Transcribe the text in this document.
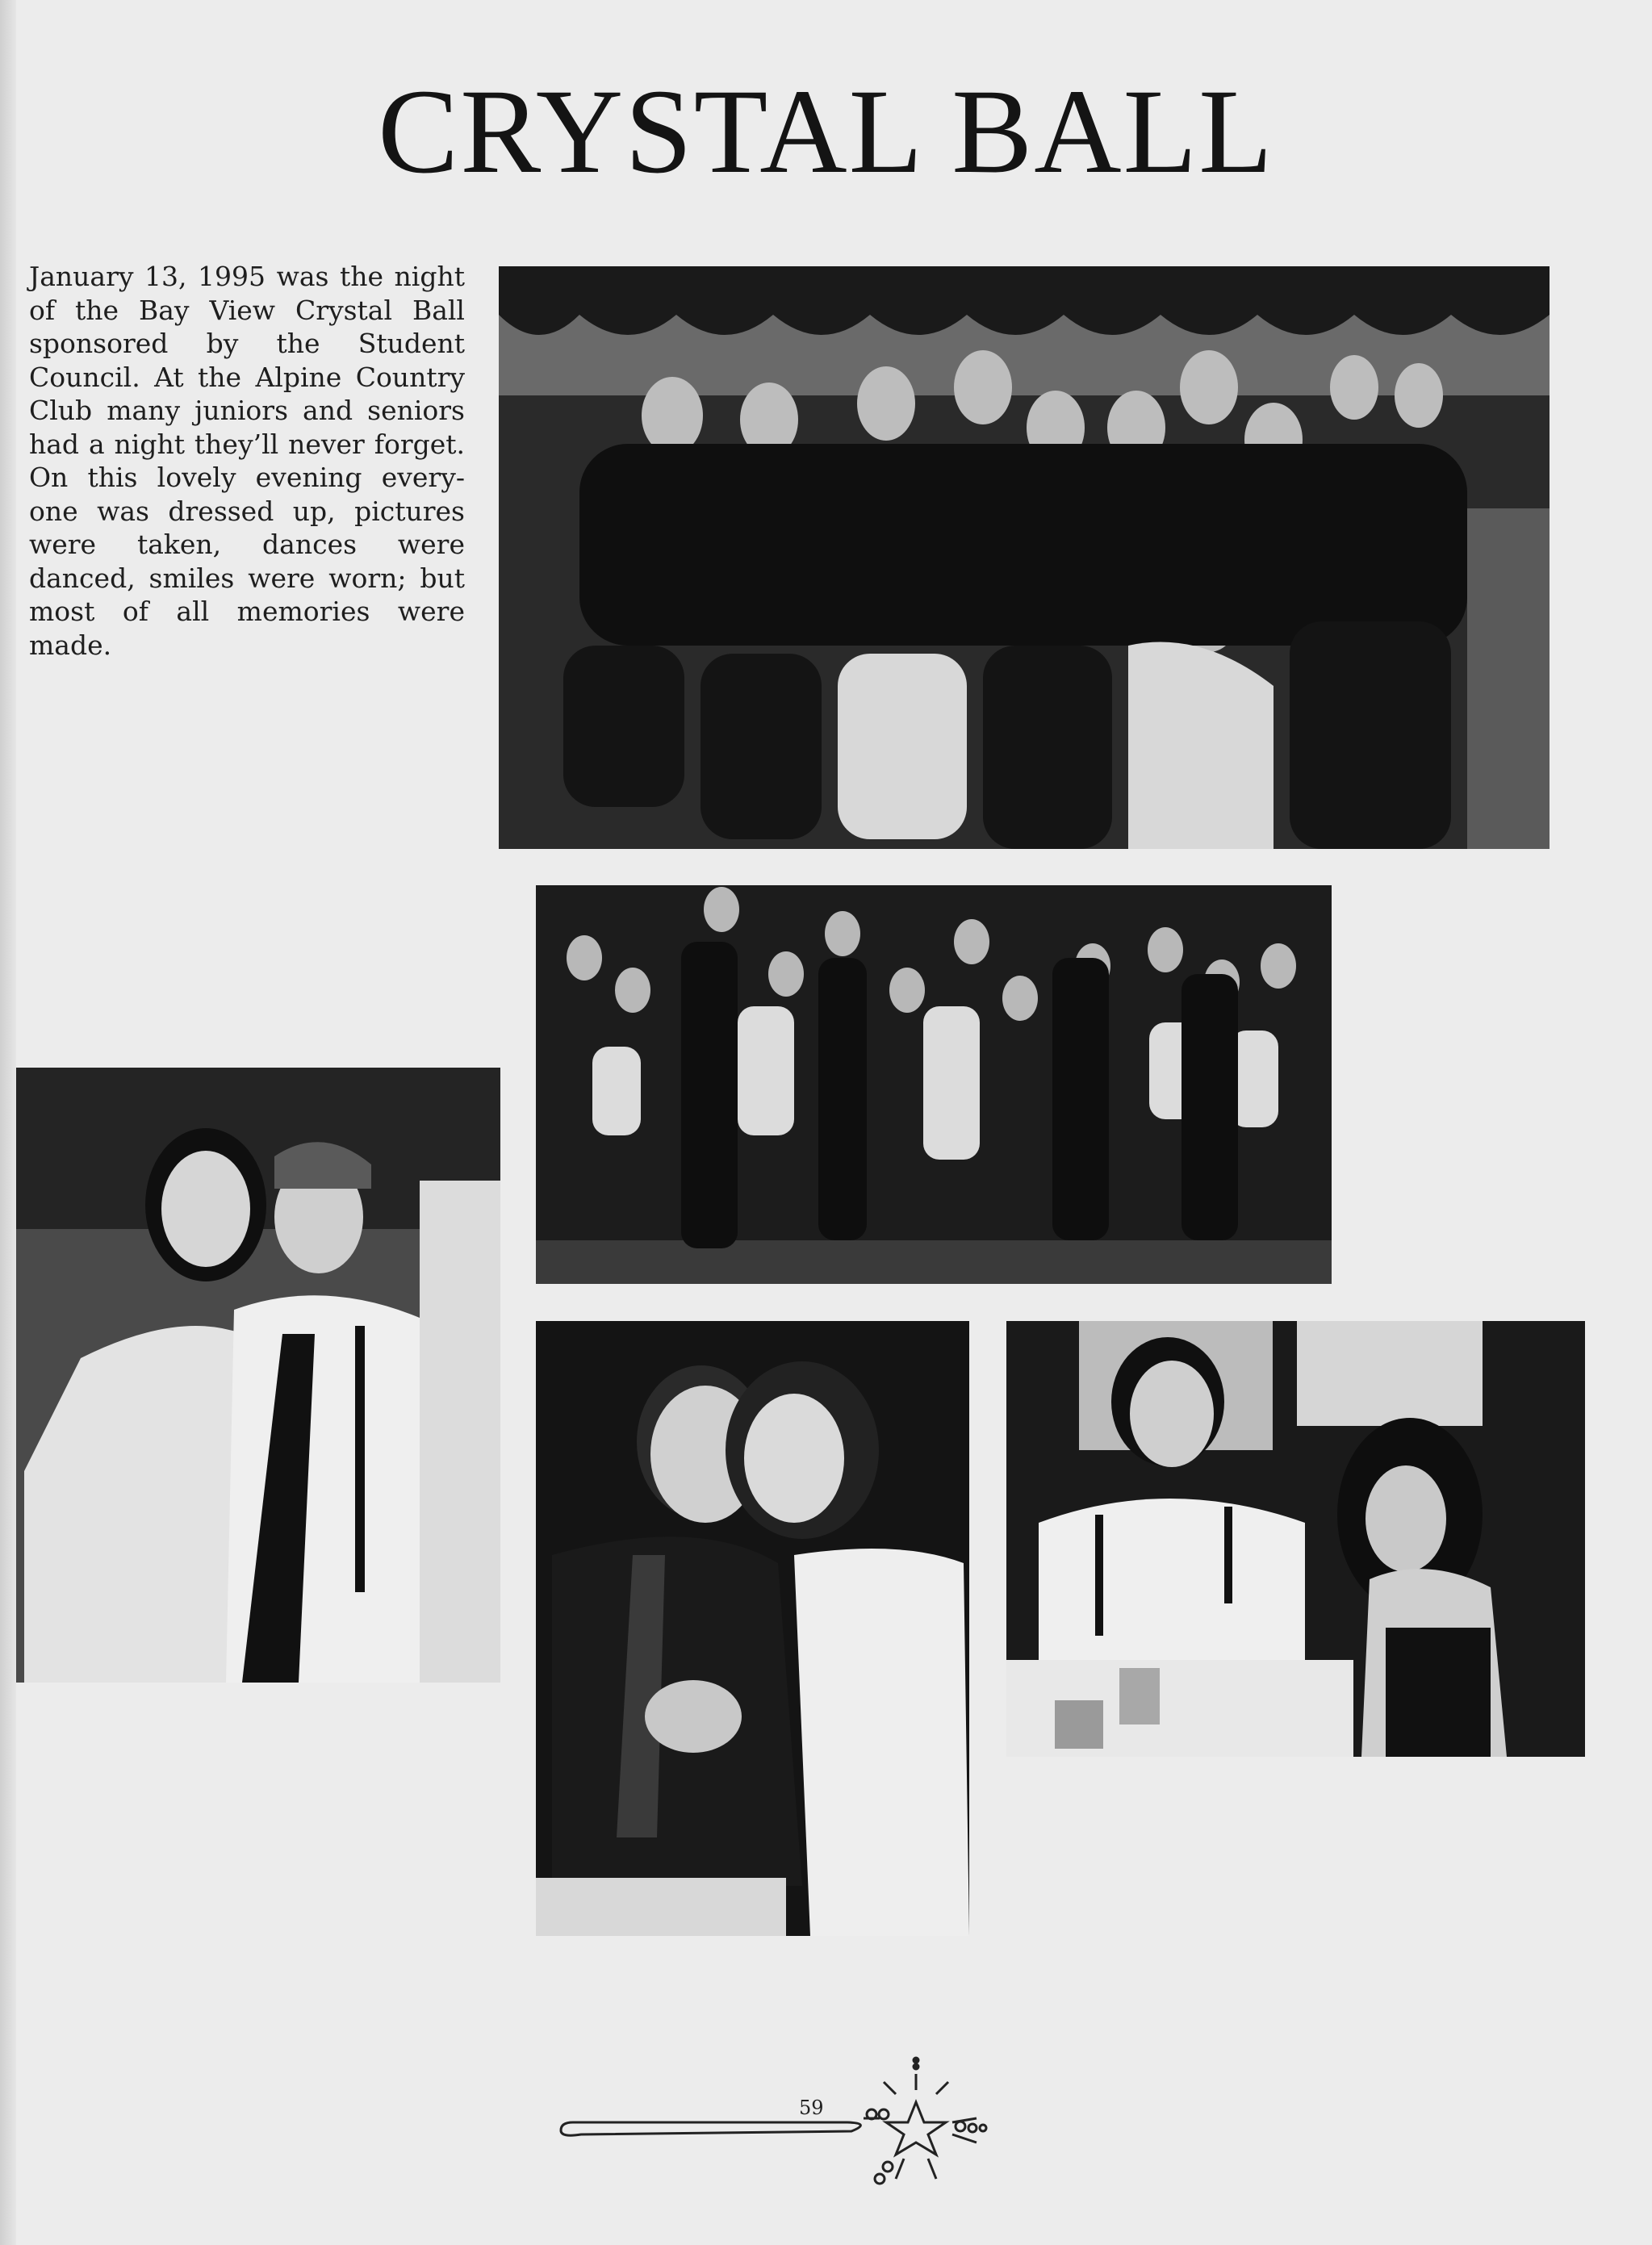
CRYSTAL BALL

January 13, 1995 was the night of the Bay View Crystal Ball sponsored by the Student Council. At the Alpine Country Club many juniors and seniors had a night they’ll never forget. On this lovely evening every-one was dressed up, pictures were taken, dances were danced, smiles were worn; but most of all memories were made.

59
